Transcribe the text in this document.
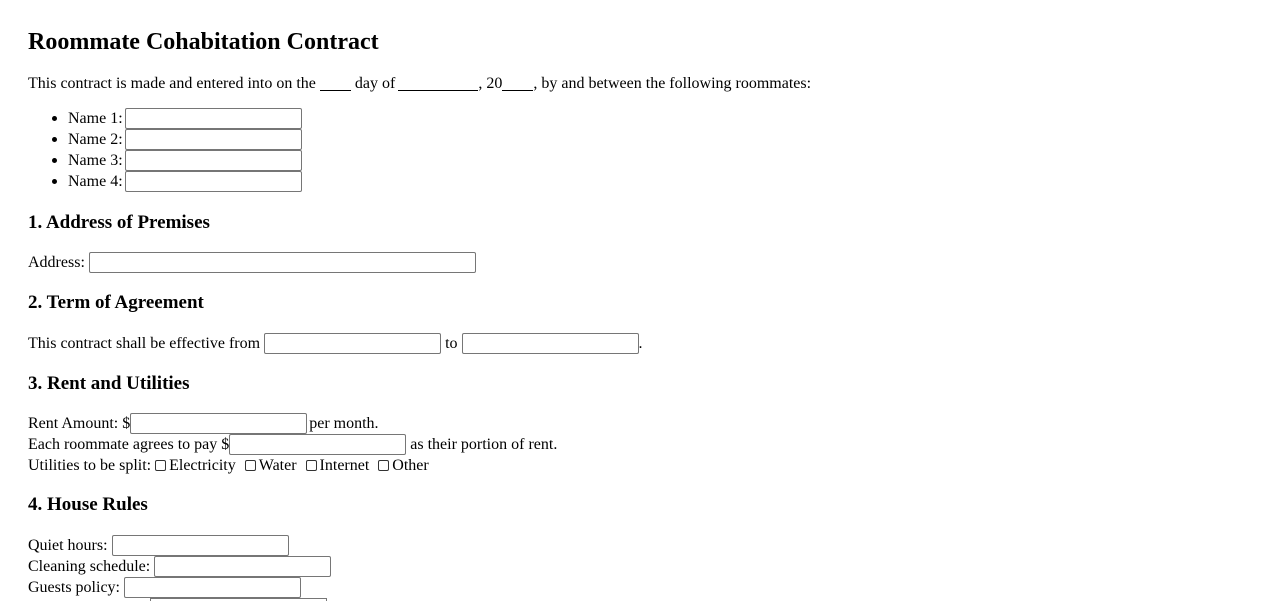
Roommate Cohabitation Contract
This contract is made and entered into on the day of	, 20 , by and between the following roommates:
Name 1:
Name 2:
Name 3:
Name 4:
1. Address of Premises
Address:
2. Term of Agreement
This contract shall be effective from	to	.
3. Rent and Utilities
Rent Amount: $	per month.
Each roommate agrees to pay $	as their portion of rent.
Utilities to be split: Electricity Water Internet Other
4. House Rules
Quiet hours:
Cleaning schedule:
Guests policy:
